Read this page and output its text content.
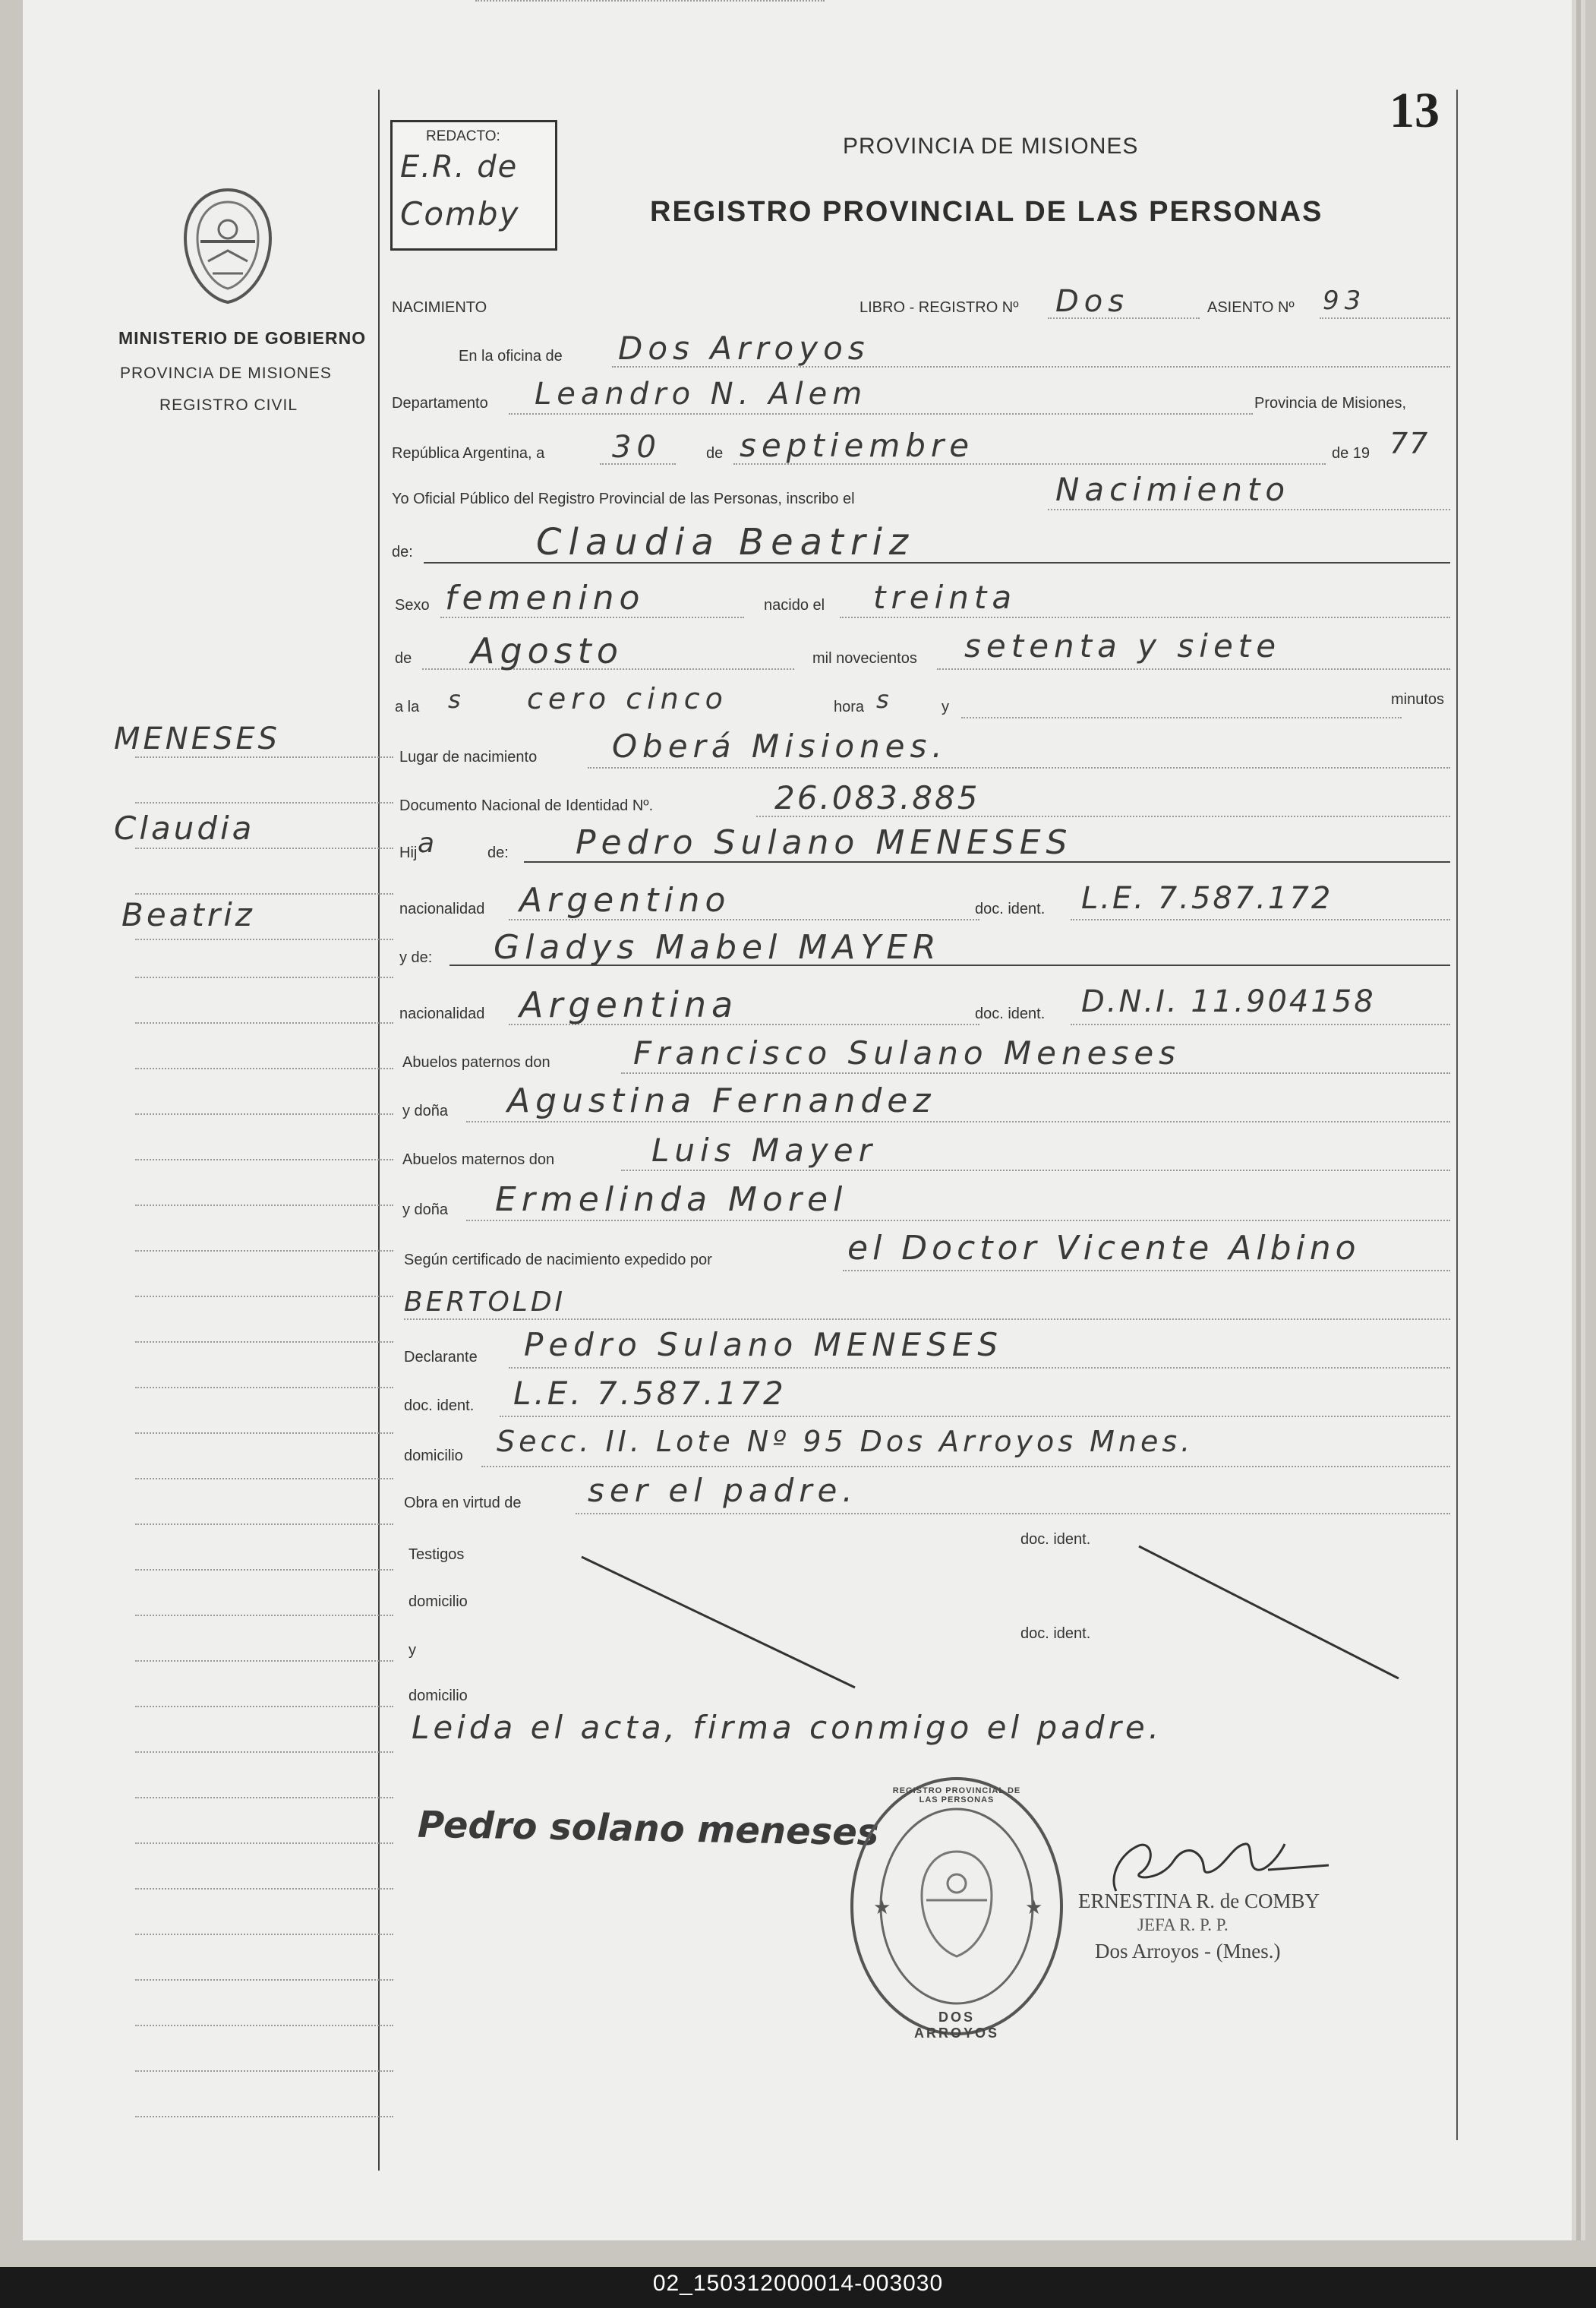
13
REDACTO:
E.R. de
Comby
PROVINCIA DE MISIONES
REGISTRO PROVINCIAL DE LAS PERSONAS
MINISTERIO DE GOBIERNO
PROVINCIA DE MISIONES
REGISTRO CIVIL
MENESES
Claudia
Beatriz
NACIMIENTO	LIBRO - REGISTRO Nº Dos	ASIENTO Nº 93
En la oficina de Dos Arroyos
Departamento Leandro N. Alem	Provincia de Misiones,
República Argentina, a 30	de septiembre	de 19 77
Yo Oficial Público del Registro Provincial de las Personas, inscribo el	Nacimiento
de:	Claudia Beatriz
Sexo femenino	nacido el treinta
de Agosto	mil novecientos setenta y siete
a la s cero cinco	hora s	y	minutos
Lugar de nacimiento Oberá Misiones.
Documento Nacional de Identidad Nº.	26.083.885
Hij a	de: Pedro Sulano MENESES
nacionalidad Argentino	doc. ident. L.E. 7.587.172
y de: Gladys Mabel MAYER
nacionalidad Argentina	doc. ident. D.N.I. 11.904158
Abuelos paternos don	Francisco Sulano Meneses
y doña Agustina Fernandez
Abuelos maternos don	Luis Mayer
y doña Ermelinda Morel
Según certificado de nacimiento expedido por	el Doctor Vicente Albino
BERTOLDI
Declarante Pedro Sulano MENESES
doc. ident. L.E. 7.587.172
domicilio Secc. II. Lote Nº 95 Dos Arroyos Mnes.
Obra en virtud de ser el padre.
Testigos
doc. ident.
domicilio
y
doc. ident.
domicilio
Leida el acta, firma conmigo el padre.
Pedro solano meneses
★	★
REGISTRO PROVINCIAL DE LAS PERSONAS
DOS ARROYOS
ERNESTINA R. de COMBY
JEFA R. P. P.
Dos Arroyos - (Mnes.)
02_150312000014-003030
